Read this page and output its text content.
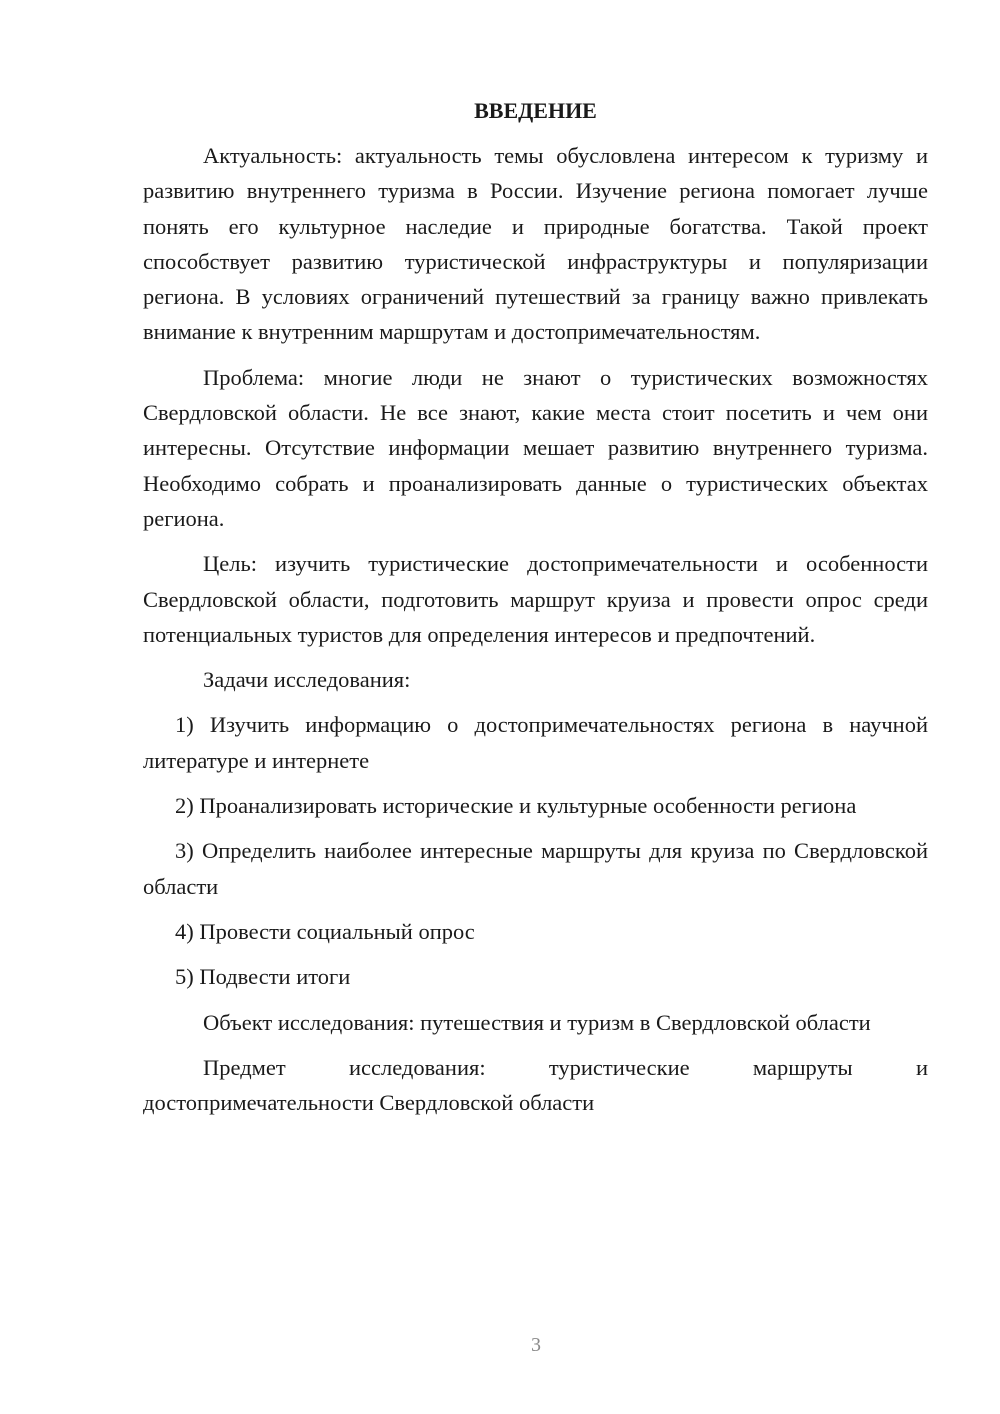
ВВЕДЕНИЕ

Актуальность: актуальность темы обусловлена интересом к туризму и развитию внутреннего туризма в России. Изучение региона помогает лучше понять его культурное наследие и природные богатства. Такой проект способствует развитию туристической инфраструктуры и популяризации региона. В условиях ограничений путешествий за границу важно привлекать внимание к внутренним маршрутам и достопримечательностям.

Проблема: многие люди не знают о туристических возможностях Свердловской области. Не все знают, какие места стоит посетить и чем они интересны. Отсутствие информации мешает развитию внутреннего туризма. Необходимо собрать и проанализировать данные о туристических объектах региона.

Цель: изучить туристические достопримечательности и особенности Свердловской области, подготовить маршрут круиза и провести опрос среди потенциальных туристов для определения интересов и предпочтений.

Задачи исследования:

1) Изучить информацию о достопримечательностях региона в научной литературе и интернете

2) Проанализировать исторические и культурные особенности региона

3) Определить наиболее интересные маршруты для круиза по Свердловской области

4) Провести социальный опрос

5) Подвести итоги

Объект исследования: путешествия и туризм в Свердловской области

Предмет исследования: туристические маршруты и достопримечательности Свердловской области

3
